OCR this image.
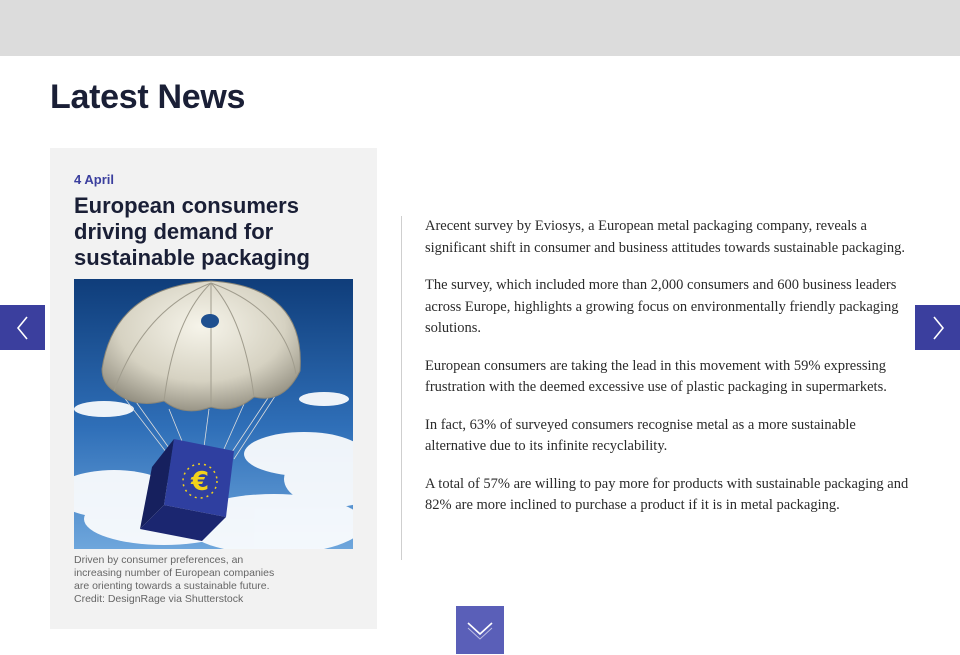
Latest News
4 April
European consumers driving demand for sustainable packaging
€
Driven by consumer preferences, an increasing number of European companies are orienting towards a sustainable future.
Credit: DesignRage via Shutterstock

Arecent survey by Eviosys, a European metal packaging company, reveals a significant shift in consumer and business attitudes towards sustainable packaging.

The survey, which included more than 2,000 consumers and 600 business leaders across Europe, highlights a growing focus on environmentally friendly packaging solutions.

European consumers are taking the lead in this movement with 59% expressing frustration with the deemed excessive use of plastic packaging in supermarkets.

In fact, 63% of surveyed consumers recognise metal as a more sustainable alternative due to its infinite recyclability.

A total of 57% are willing to pay more for products with sustainable packaging and 82% are more inclined to purchase a product if it is in metal packaging.
